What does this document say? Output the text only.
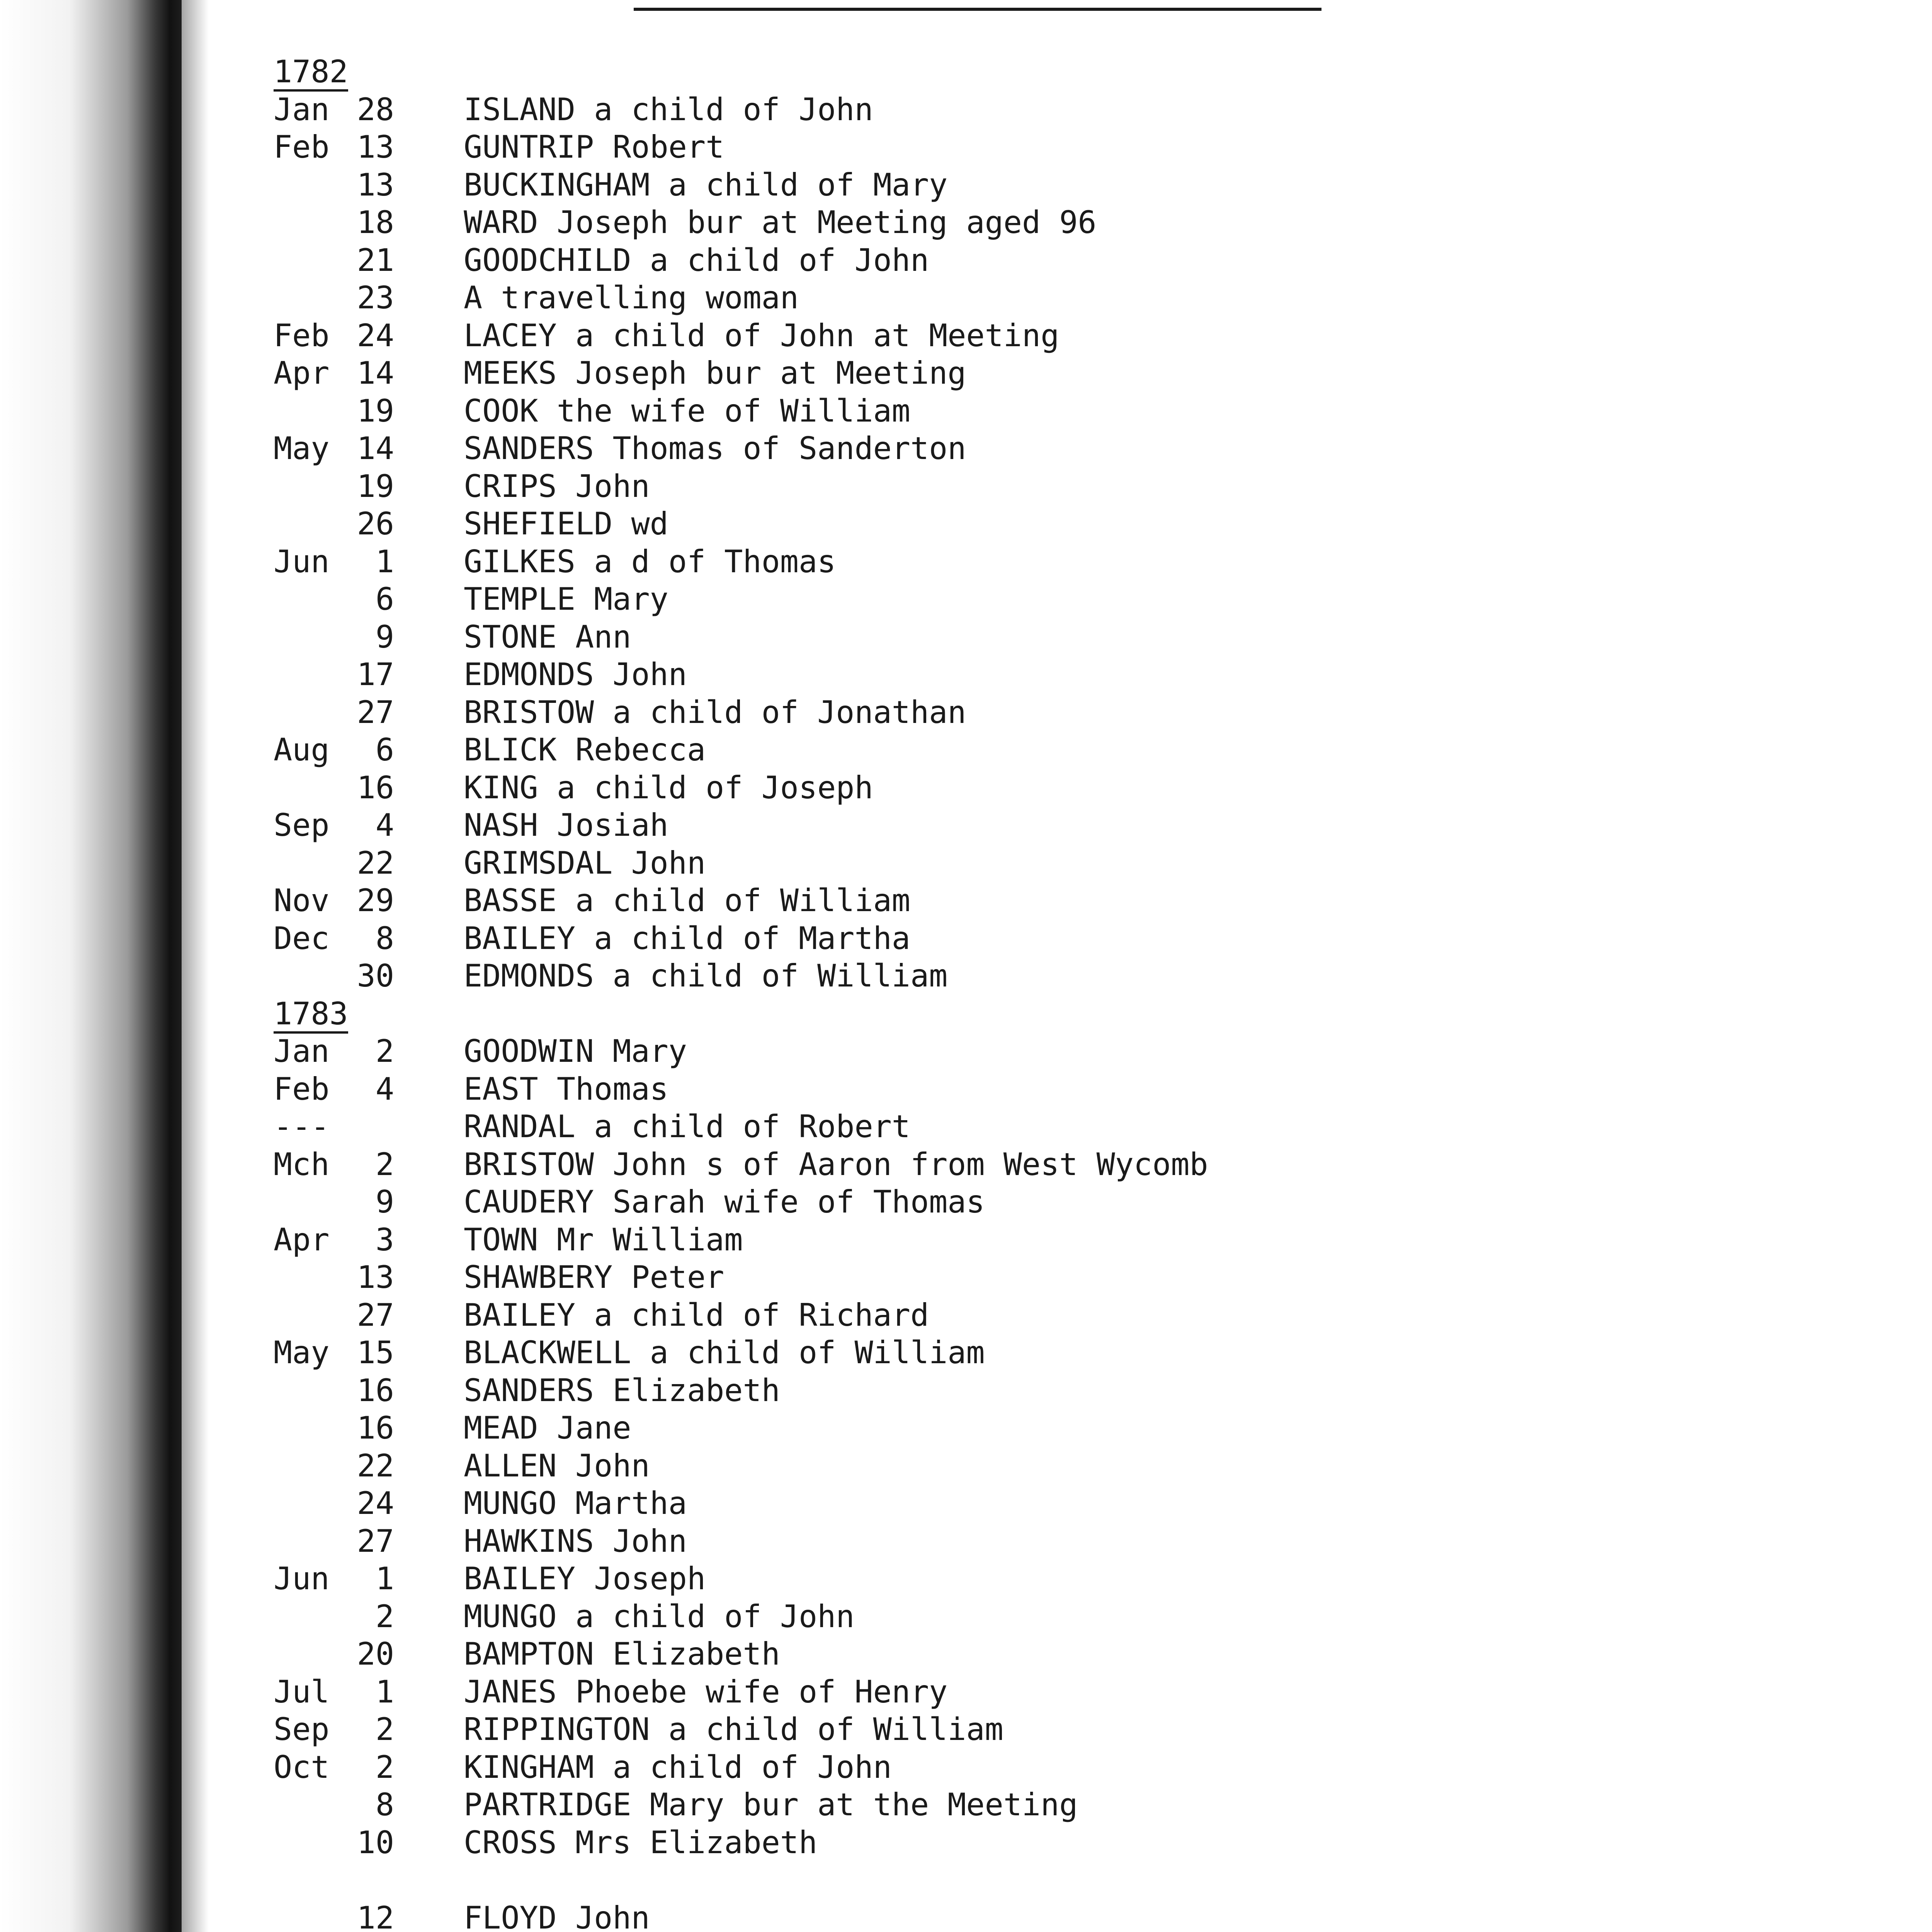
1782
Jan 28 ISLAND a child of John
Feb 13 GUNTRIP Robert
13 BUCKINGHAM a child of Mary
18 WARD Joseph bur at Meeting aged 96
21 GOODCHILD a child of John
23 A travelling woman
Feb 24 LACEY a child of John at Meeting
Apr 14 MEEKS Joseph bur at Meeting
19 COOK the wife of William
May 14 SANDERS Thomas of Sanderton
19 CRIPS John
26 SHEFIELD wd
Jun	1 GILKES a d of Thomas
6 TEMPLE Mary
9 STONE Ann
17 EDMONDS John
27 BRISTOW a child of Jonathan
Aug	6 BLICK Rebecca
16 KING a child of Joseph
Sep	4 NASH Josiah
22 GRIMSDAL John
Nov 29 BASSE a child of William
Dec	8 BAILEY a child of Martha
30 EDMONDS a child of William
1783
Jan	2 GOODWIN Mary
Feb	4 EAST Thomas
---	RANDAL a child of Robert
Mch	2 BRISTOW John s of Aaron from West Wycomb
9 CAUDERY Sarah wife of Thomas
Apr	3 TOWN Mr William
13 SHAWBERY Peter
27 BAILEY a child of Richard
May 15 BLACKWELL a child of William
16 SANDERS Elizabeth
16 MEAD Jane
22 ALLEN John
24 MUNGO Martha
27 HAWKINS John
Jun	1 BAILEY Joseph
2 MUNGO a child of John
20 BAMPTON Elizabeth
Jul	1 JANES Phoebe wife of Henry
Sep	2 RIPPINGTON a child of William
Oct	2 KINGHAM a child of John
8 PARTRIDGE Mary bur at the Meeting
10 CROSS Mrs Elizabeth
12 FLOYD John
